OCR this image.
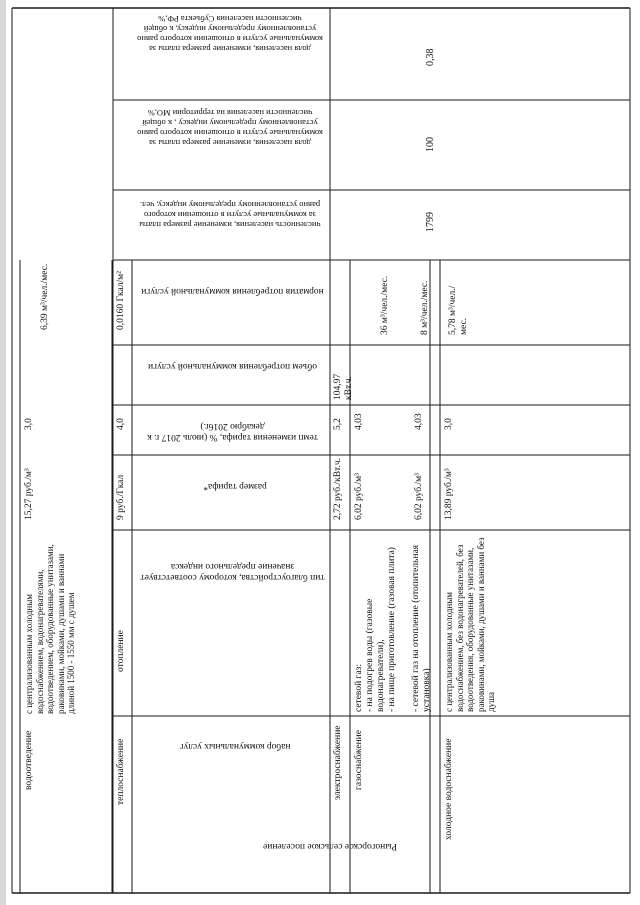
набор коммунальных услуг
тип благоустройства, которому соответствует значение предельного индекса
размер тарифа*
темп изменения тарифа, % (июль 2017 г. к декабрю 2016г.)
объем потребления коммунальной услуги
норматив потребления коммунальной услуги
численность населения, изменение размера платы за коммунальные услуги в отношении которого равно установленному предельному индексу, чел.
доля населения, изменение размера платы за коммунальные услуги в отношении которого равно установленному предельному индексу , к общей численности населения на территории МО,%
доля населения, изменение размера платы за коммунальные услуги в отношении которого равно установленному предельному индексу, к общей численности населения Субъекта РФ,%
1799
100
0,38
водоотведение
с централизованным холодным водоснабжением, водонагревателями, водоотведением, оборудованные унитазами, раковинами, мойками, душами и ваннами длиной 1500 - 1550 мм с душем
15,27 руб./м³
3,0
6,39 м³/чел./мес.
теплоснабжение
отопление
9 руб./Гкал
4,0
0,0160 Гкал/м²
электроснабжение
2,72 руб./кВт.ч.
5,2
104,97 кВт.ч.
газоснабжение
сетевой газ: - на подогрев воды (газовые водонагреватели), - на пище приготовление (газовая плита)
6,02 руб./м³
4,03
36 м³/чел./мес.
- сетевой газ на отопление (отопительная установка)
6,02 руб./м³
4,03
8 м³/чел./мес.
холодное водоснабжение
с централизованным холодным водоснабжением, без водонагревателей, без водоотведения, оборудованные унитазами, раковинами, мойками, душами и ваннами без душа
13,89 руб./м³
3,0
5,78 м³/чел./мес.
Рыногорское сельское поселение
